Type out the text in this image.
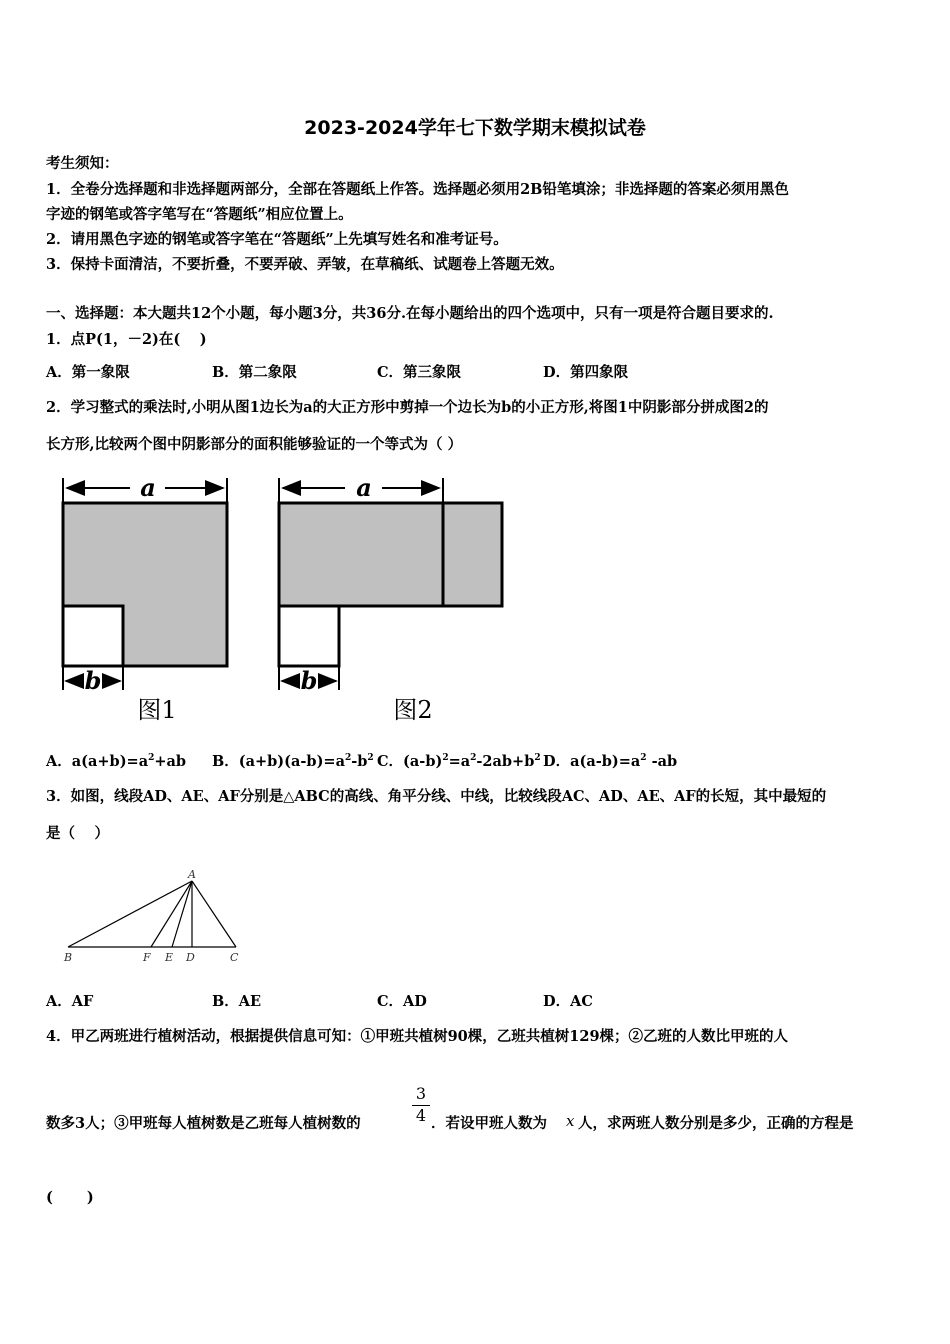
2023-2024学年七下数学期末模拟试卷
考生须知：
1．全卷分选择题和非选择题两部分，全部在答题纸上作答。选择题必须用2B铅笔填涂；非选择题的答案必须用黑色
字迹的钢笔或答字笔写在“答题纸”相应位置上。
2．请用黑色字迹的钢笔或答字笔在“答题纸”上先填写姓名和准考证号。
3．保持卡面清洁，不要折叠，不要弄破、弄皱，在草稿纸、试题卷上答题无效。
一、选择题：本大题共12个小题，每小题3分，共36分.在每小题给出的四个选项中，只有一项是符合题目要求的.
1．点P(1，－2)在(　 )
A．第一象限	B．第二象限	C．第三象限	D．第四象限
2．学习整式的乘法时,小明从图1边长为a的大正方形中剪掉一个边长为b的小正方形,将图1中阴影部分拼成图2的
长方形,比较两个图中阴影部分的面积能够验证的一个等式为（ ）
a
b
图1
a
b
图2
A．$a(a+b)=a^2+ab$ B．$(a+b)(a-b)=a^2-b^2$ C．$(a-b)^2=a^2-2ab+b^2$ D．$a(a-b)=a^2$ -ab
3．如图，线段AD、AE、AF分别是△ABC的高线、角平分线、中线，比较线段AC、AD、AE、AF的长短，其中最短的
是（　 ）
A
B	F E D	C
A．AF	B．AE	C．AD	D．AC
4．甲乙两班进行植树活动，根据提供信息可知：①甲班共植树90棵，乙班共植树129棵；②乙班的人数比甲班的人
数多3人；③甲班每人植树数是乙班每人植树数的
3
4 ．若设甲班人数为 x 人，求两班人数分别是多少，正确的方程是
(　　 )
